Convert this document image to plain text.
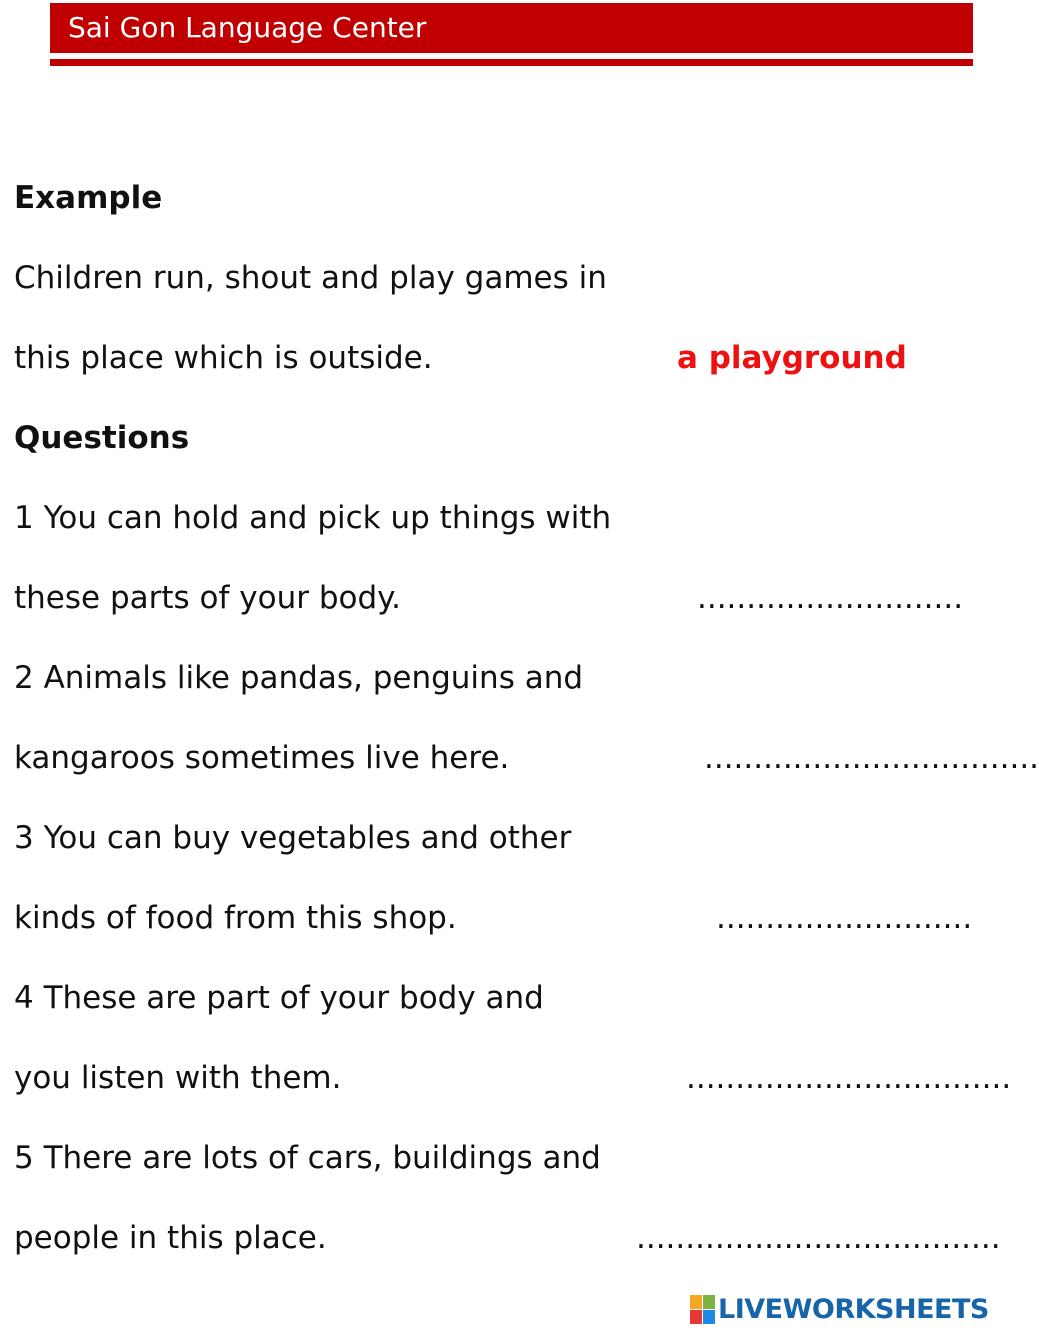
Sai Gon Language Center
Example
Children run, shout and play games in
this place which is outside.	a playground
Questions
1 You can hold and pick up things with
these parts of your body.	...........................
2 Animals like pandas, penguins and
kangaroos sometimes live here.	..................................
3 You can buy vegetables and other
kinds of food from this shop.	..........................
4 These are part of your body and
you listen with them.	.................................
5 There are lots of cars, buildings and
people in this place.	.....................................
LIVEWORKSHEETS
